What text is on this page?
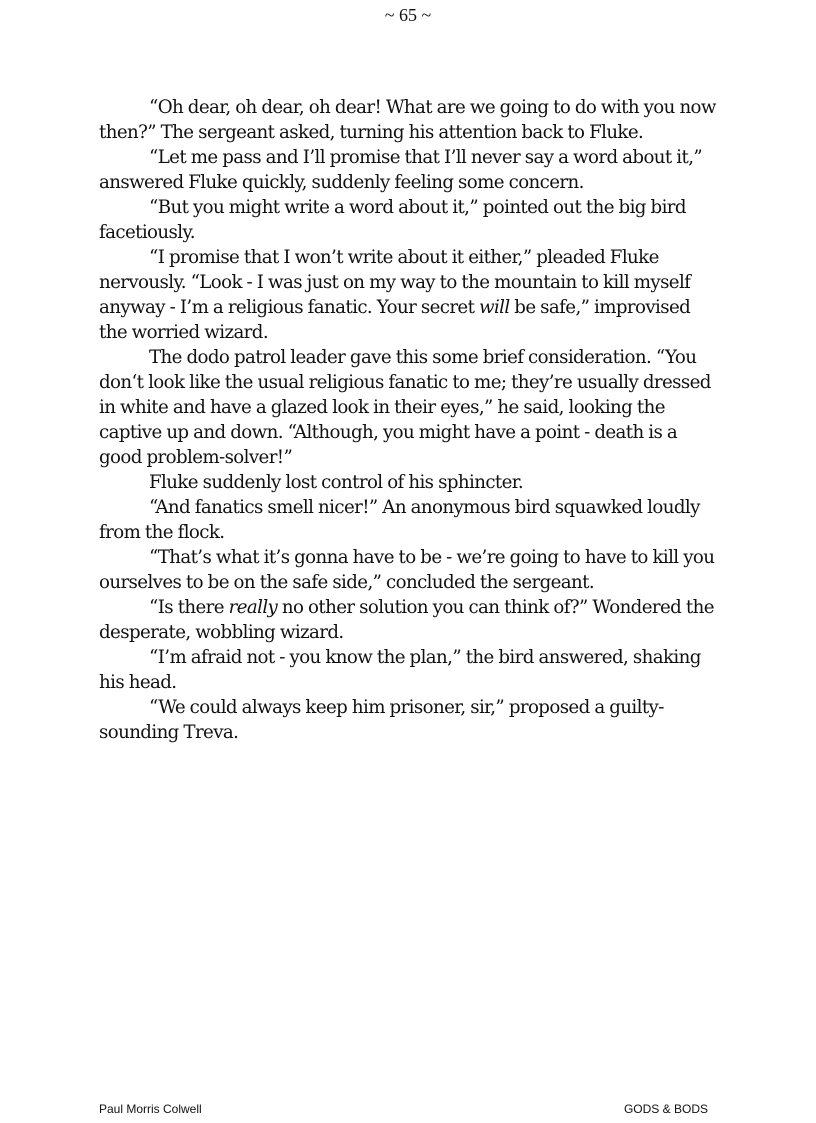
~ 65 ~

“Oh dear, oh dear, oh dear! What are we going to do with you now then?” The sergeant asked, turning his attention back to Fluke.

“Let me pass and I’ll promise that I’ll never say a word about it,” answered Fluke quickly, suddenly feeling some concern.

“But you might write a word about it,” pointed out the big bird facetiously.

“I promise that I won’t write about it either,” pleaded Fluke nervously. “Look - I was just on my way to the mountain to kill myself anyway - I’m a religious fanatic. Your secret will be safe,” improvised the worried wizard.

The dodo patrol leader gave this some brief consideration. “You don‘t look like the usual religious fanatic to me; they’re usually dressed in white and have a glazed look in their eyes,” he said, looking the captive up and down. “Although, you might have a point - death is a good problem-solver!”

Fluke suddenly lost control of his sphincter.

“And fanatics smell nicer!” An anonymous bird squawked loudly from the flock.

“That’s what it’s gonna have to be - we’re going to have to kill you ourselves to be on the safe side,” concluded the sergeant.

“Is there really no other solution you can think of?” Wondered the desperate, wobbling wizard.

“I’m afraid not - you know the plan,” the bird answered, shaking his head.

“We could always keep him prisoner, sir,” proposed a guilty-sounding Treva.

Paul Morris Colwell	GODS & BODS
